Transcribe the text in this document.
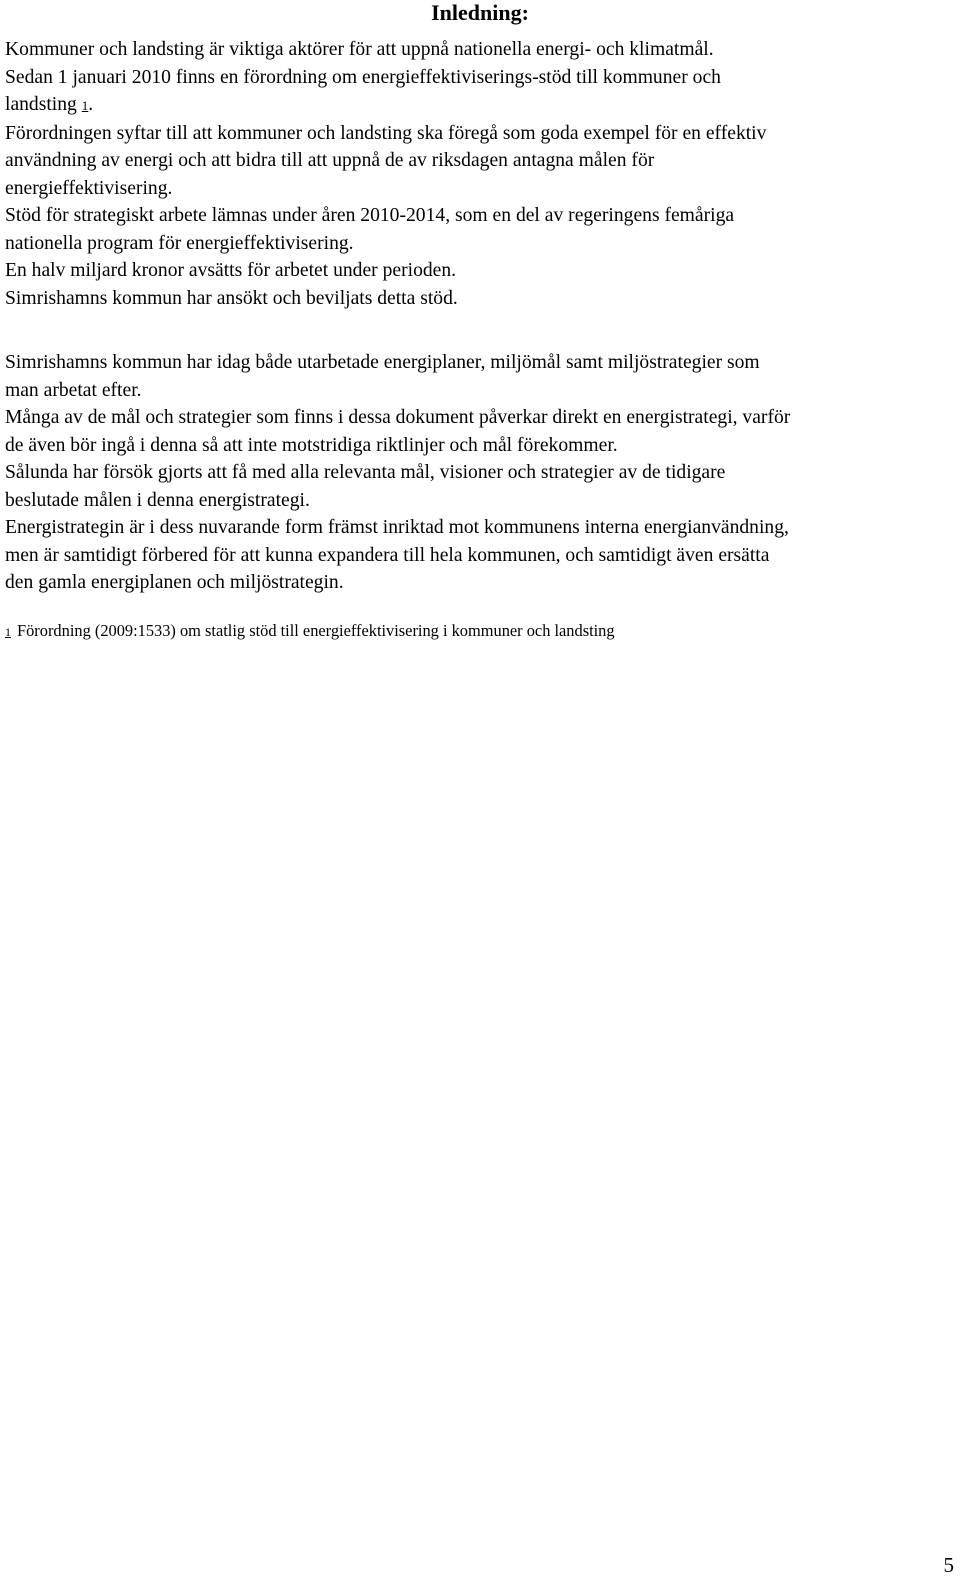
Inledning:
Kommuner och landsting är viktiga aktörer för att uppnå nationella energi- och klimatmål.
Sedan 1 januari 2010 finns en förordning om energieffektiviserings-stöd till kommuner och
landsting 1.
Förordningen syftar till att kommuner och landsting ska föregå som goda exempel för en effektiv
användning av energi och att bidra till att uppnå de av riksdagen antagna målen för
energieffektivisering.
Stöd för strategiskt arbete lämnas under åren 2010-2014, som en del av regeringens femåriga
nationella program för energieffektivisering.
En halv miljard kronor avsätts för arbetet under perioden.
Simrishamns kommun har ansökt och beviljats detta stöd.
Simrishamns kommun har idag både utarbetade energiplaner, miljömål samt miljöstrategier som
man arbetat efter.
Många av de mål och strategier som finns i dessa dokument påverkar direkt en energistrategi, varför
de även bör ingå i denna så att inte motstridiga riktlinjer och mål förekommer.
Sålunda har försök gjorts att få med alla relevanta mål, visioner och strategier av de tidigare
beslutade målen i denna energistrategi.
Energistrategin är i dess nuvarande form främst inriktad mot kommunens interna energianvändning,
men är samtidigt förbered för att kunna expandera till hela kommunen, och samtidigt även ersätta
den gamla energiplanen och miljöstrategin.
1 Förordning (2009:1533) om statlig stöd till energieffektivisering i kommuner och landsting
5
